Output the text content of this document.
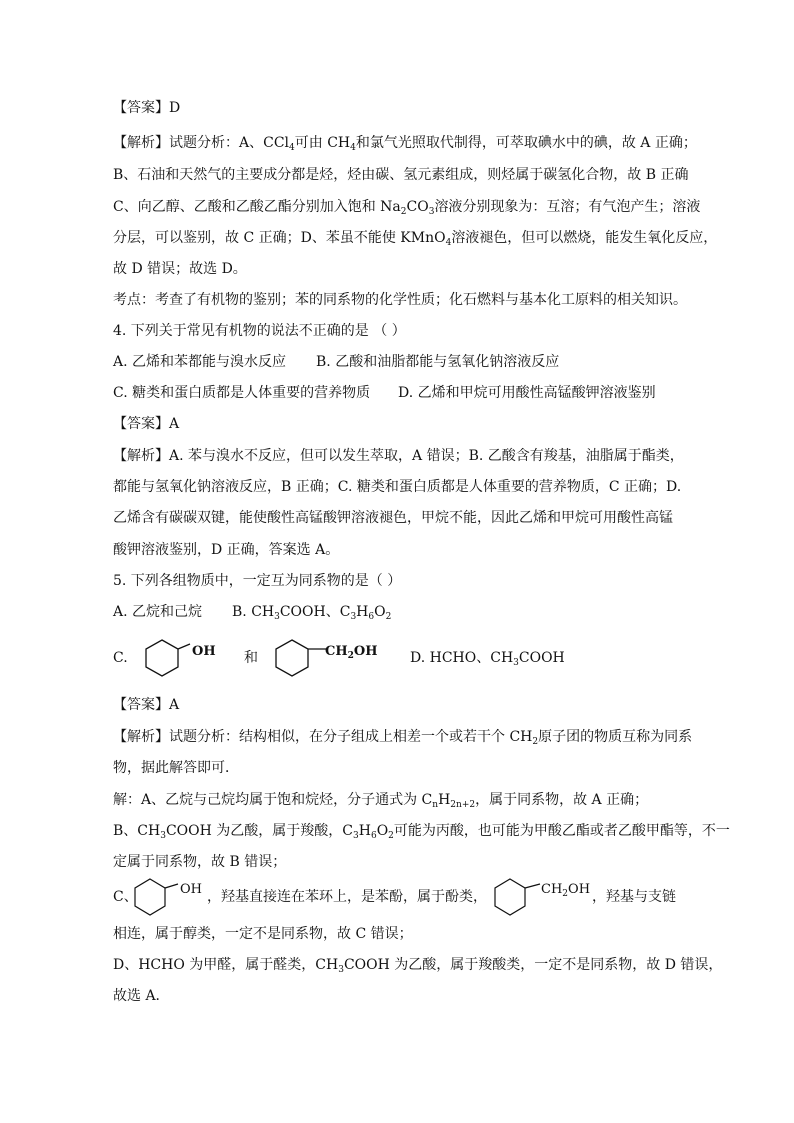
【答案】D
【解析】试题分析：A、CCl$_4$可由 $CH_4$和氯气光照取代制得，可萃取碘水中的碘，故 A 正确；
B、石油和天然气的主要成分都是烃，烃由碳、氢元素组成，则烃属于碳氢化合物，故 B 正确
C、向乙醇、乙酸和乙酸乙酯分别加入饱和 $Na_2CO_3$溶液分别现象为：互溶；有气泡产生；溶液
分层，可以鉴别，故 C 正确；D、苯虽不能使 KMnO$_4$溶液褪色，但可以燃烧，能发生氧化反应，
故 D 错误；故选 D。
考点：考查了有机物的鉴别；苯的同系物的化学性质；化石燃料与基本化工原料的相关知识。
4. 下列关于常见有机物的说法不正确的是 （ ）
A. 乙烯和苯都能与溴水反应 B. 乙酸和油脂都能与氢氧化钠溶液反应
C. 糖类和蛋白质都是人体重要的营养物质 D. 乙烯和甲烷可用酸性高锰酸钾溶液鉴别
【答案】A
【解析】A. 苯与溴水不反应，但可以发生萃取，A 错误；B. 乙酸含有羧基，油脂属于酯类，
都能与氢氧化钠溶液反应，B 正确；C. 糖类和蛋白质都是人体重要的营养物质，C 正确；D.
乙烯含有碳碳双键，能使酸性高锰酸钾溶液褪色，甲烷不能，因此乙烯和甲烷可用酸性高锰
酸钾溶液鉴别，D 正确，答案选 A。
5. 下列各组物质中，一定互为同系物的是（ ）
A. 乙烷和己烷 B. $CH_3COOH$、$C_3H_6O_2$
C.	OH 和	$CH_2OH$ D. HCHO、$CH_3COOH$
【答案】A
【解析】试题分析：结构相似，在分子组成上相差一个或若干个 $CH_2$原子团的物质互称为同系
物，据此解答即可．
解：A、乙烷与己烷均属于饱和烷烃，分子通式为 $C_nH_{2n+2}$，属于同系物，故 A 正确；
B、$CH_3COOH$ 为乙酸，属于羧酸，$C_3H_6O_2$可能为丙酸，也可能为甲酸乙酯或者乙酸甲酯等，不一
定属于同系物，故 B 错误；
C、	OH ，羟基直接连在苯环上，是苯酚，属于酚类，	$CH_2OH$ ，羟基与支链
相连，属于醇类，一定不是同系物，故 C 错误；
D、HCHO 为甲醛，属于醛类，$CH_3COOH$ 为乙酸，属于羧酸类，一定不是同系物，故 D 错误，
故选 A．
